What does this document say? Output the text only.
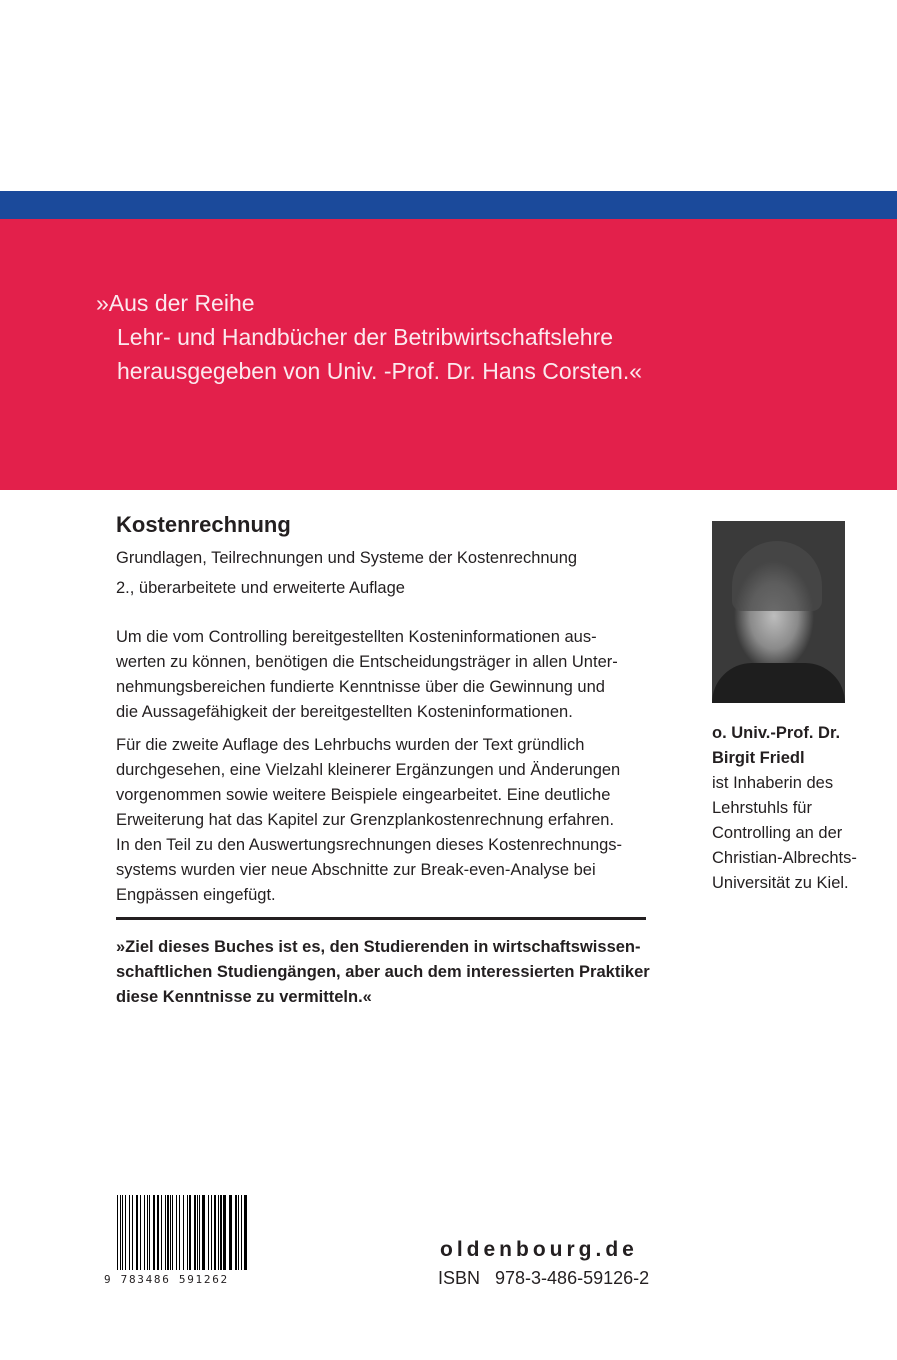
»Aus der Reihe
Lehr- und Handbücher der Betribwirtschaftslehre
herausgegeben von Univ. -Prof. Dr. Hans Corsten.«
Kostenrechnung
Grundlagen, Teilrechnungen und Systeme der Kostenrechnung
2., überarbeitete und erweiterte Auflage
Um die vom Controlling bereitgestellten Kosteninformationen aus-
werten zu können, benötigen die Entscheidungsträger in allen Unter-
nehmungsbereichen fundierte Kenntnisse über die Gewinnung und
die Aussagefähigkeit der bereitgestellten Kosteninformationen.
Für die zweite Auflage des Lehrbuchs wurden der Text gründlich
durchgesehen, eine Vielzahl kleinerer Ergänzungen und Änderungen
vorgenommen sowie weitere Beispiele eingearbeitet. Eine deutliche
Erweiterung hat das Kapitel zur Grenzplankostenrechnung erfahren.
In den Teil zu den Auswertungsrechnungen dieses Kostenrechnungs-
systems wurden vier neue Abschnitte zur Break-even-Analyse bei
Engpässen eingefügt.
o. Univ.-Prof. Dr.
Birgit Friedl
ist Inhaberin des
Lehrstuhls für
Controlling an der
Christian-Albrechts-
Universität zu Kiel.
»Ziel dieses Buches ist es, den Studierenden in wirtschaftswissen-
schaftlichen Studiengängen, aber auch dem interessierten Praktiker
diese Kenntnisse zu vermitteln.«
9 783486 591262
oldenbourg.de
ISBN   978-3-486-59126-2
